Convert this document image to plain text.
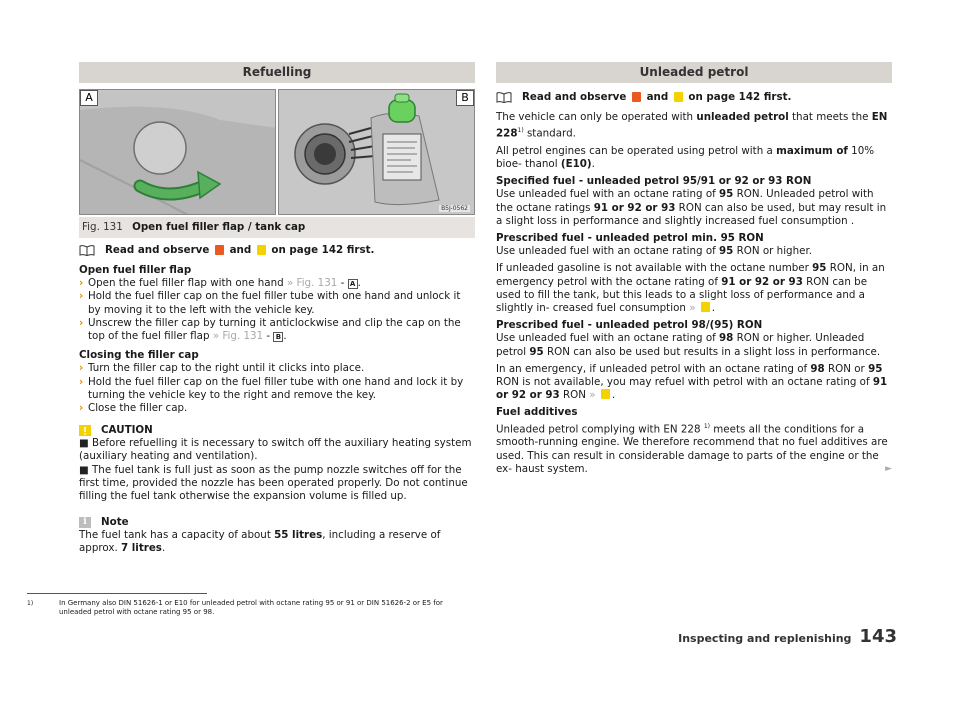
Refuelling
A	B
B5J-0562
Fig. 131 Open fuel filler flap / tank cap
Read and observe

and

on page 142 first.

Open fuel filler flap

› Open the fuel filler flap with one hand » Fig. 131 - A .
› Hold the fuel filler cap on the fuel filler tube with one hand and unlock it by moving it to the left with the vehicle key.
› Unscrew the filler cap by turning it anticlockwise and clip the cap on the top of the fuel filler flap » Fig. 131 - B .

Closing the filler cap

› Turn the filler cap to the right until it clicks into place.
› Hold the fuel filler cap on the fuel filler tube with one hand and lock it by turning the vehicle key to the right and remove the key.
› Close the filler cap.
CAUTION

■ Before refuelling it is necessary to switch off the auxiliary heating system (auxiliary heating and ventilation).

■ The fuel tank is full just as soon as the pump nozzle switches off for the first time, provided the nozzle has been operated properly. Do not continue filling the fuel tank otherwise the expansion volume is filled up.

i	Note

The fuel tank has a capacity of about 55 litres, including a reserve of approx. 7 litres.

Unleaded petrol
Read and observe

and

on page 142 first.

The vehicle can only be operated with unleaded petrol that meets the EN 228$^{1)}$ standard.

All petrol engines can be operated using petrol with a maximum of 10% bioe- thanol (E10).

Specified fuel - unleaded petrol 95/91 or 92 or 93 RON

Use unleaded fuel with an octane rating of 95 RON. Unleaded petrol with the octane ratings 91 or 92 or 93 RON can also be used, but may result in a slight loss in performance and slightly increased fuel consumption .

Prescribed fuel - unleaded petrol min. 95 RON

Use unleaded fuel with an octane rating of 95 RON or higher.

If unleaded gasoline is not available with the octane number 95 RON, in an emergency petrol with the octane rating of 91 or 92 or 93 RON can be used to fill the tank, but this leads to a slight loss of performance and a slightly in- creased fuel consumption » .

Prescribed fuel - unleaded petrol 98/(95) RON

Use unleaded fuel with an octane rating of 98 RON or higher. Unleaded petrol 95 RON can also be used but results in a slight loss in performance.

In an emergency, if unleaded petrol with an octane rating of 98 RON or 95 RON is not available, you may refuel with petrol with an octane rating of 91 or 92 or 93 RON » .

Fuel additives

Unleaded petrol complying with EN 228 $^{1)}$ meets all the conditions for a smooth-running engine. We therefore recommend that no fuel additives are used. This can result in considerable damage to parts of the engine or the ex- haust system.	►

1)	In Germany also DIN 51626-1 or E10 for unleaded petrol with octane rating 95 or 91 or DIN 51626-2 or E5 for unleaded petrol with octane rating 95 or 98.
Inspecting and replenishing 143
